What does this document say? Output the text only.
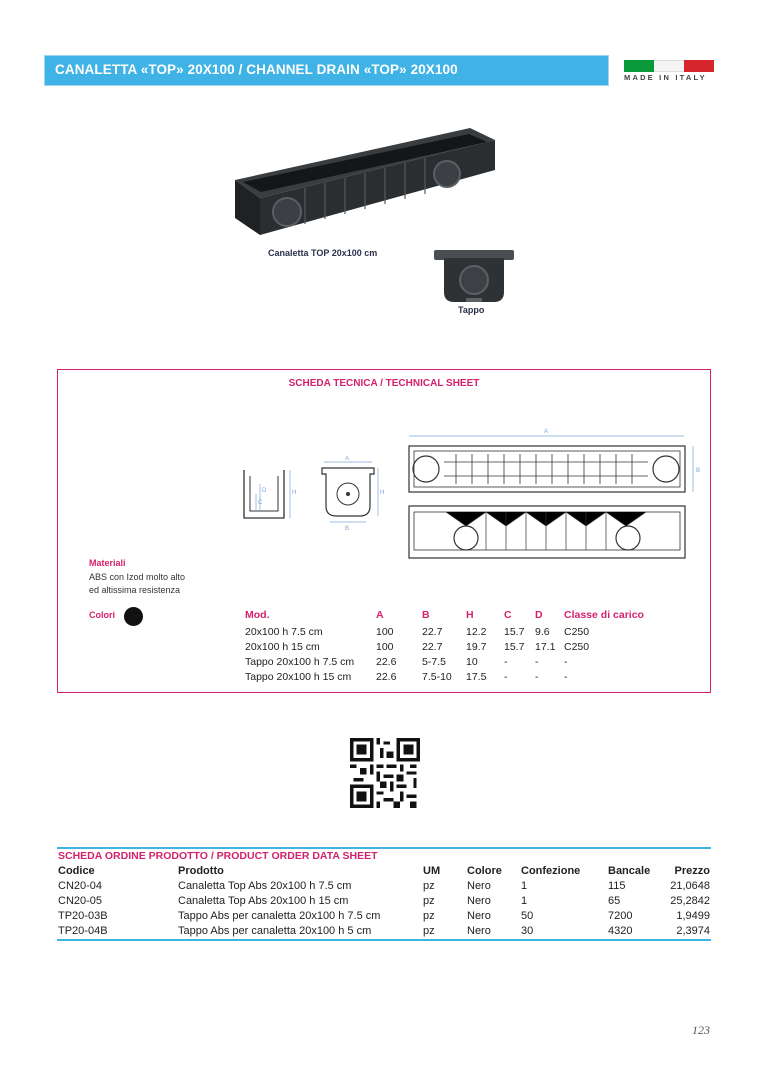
CANALETTA «TOP» 20X100 / CHANNEL DRAIN «TOP» 20X100
MADE IN ITALY
Canaletta TOP 20x100 cm
Tappo
SCHEDA TECNICA / TECHNICAL SHEET
D
C
H
A
H
B
A
B
Materiali
ABS con Izod molto alto
ed altissima resistenza
Colori	Mod.	A	B	H	C D Classe di carico
20x100 h 7.5 cm	100	22.7 12.2 15.7 9.6 C250
20x100 h 15 cm	100	22.7 19.7 15.7 17.1 C250
Tappo 20x100 h 7.5 cm 22.6 5-7.5 10	-	- -
Tappo 20x100 h 15 cm 22.6 7.5-10 17.5 -	- -
SCHEDA ORDINE PRODOTTO / PRODUCT ORDER DATA SHEET
Codice	Prodotto	UM Colore Confezione	Bancale	Prezzo
CN20-04	Canaletta Top Abs 20x100 h 7.5 cm	pz	Nero	1	115	21,0648
CN20-05	Canaletta Top Abs 20x100 h 15 cm	pz	Nero	1	65	25,2842
TP20-03B	Tappo Abs per canaletta 20x100 h 7.5 cm	pz	Nero	50	7200	1,9499
TP20-04B	Tappo Abs per canaletta 20x100 h 5 cm	pz	Nero	30	4320	2,3974
123
